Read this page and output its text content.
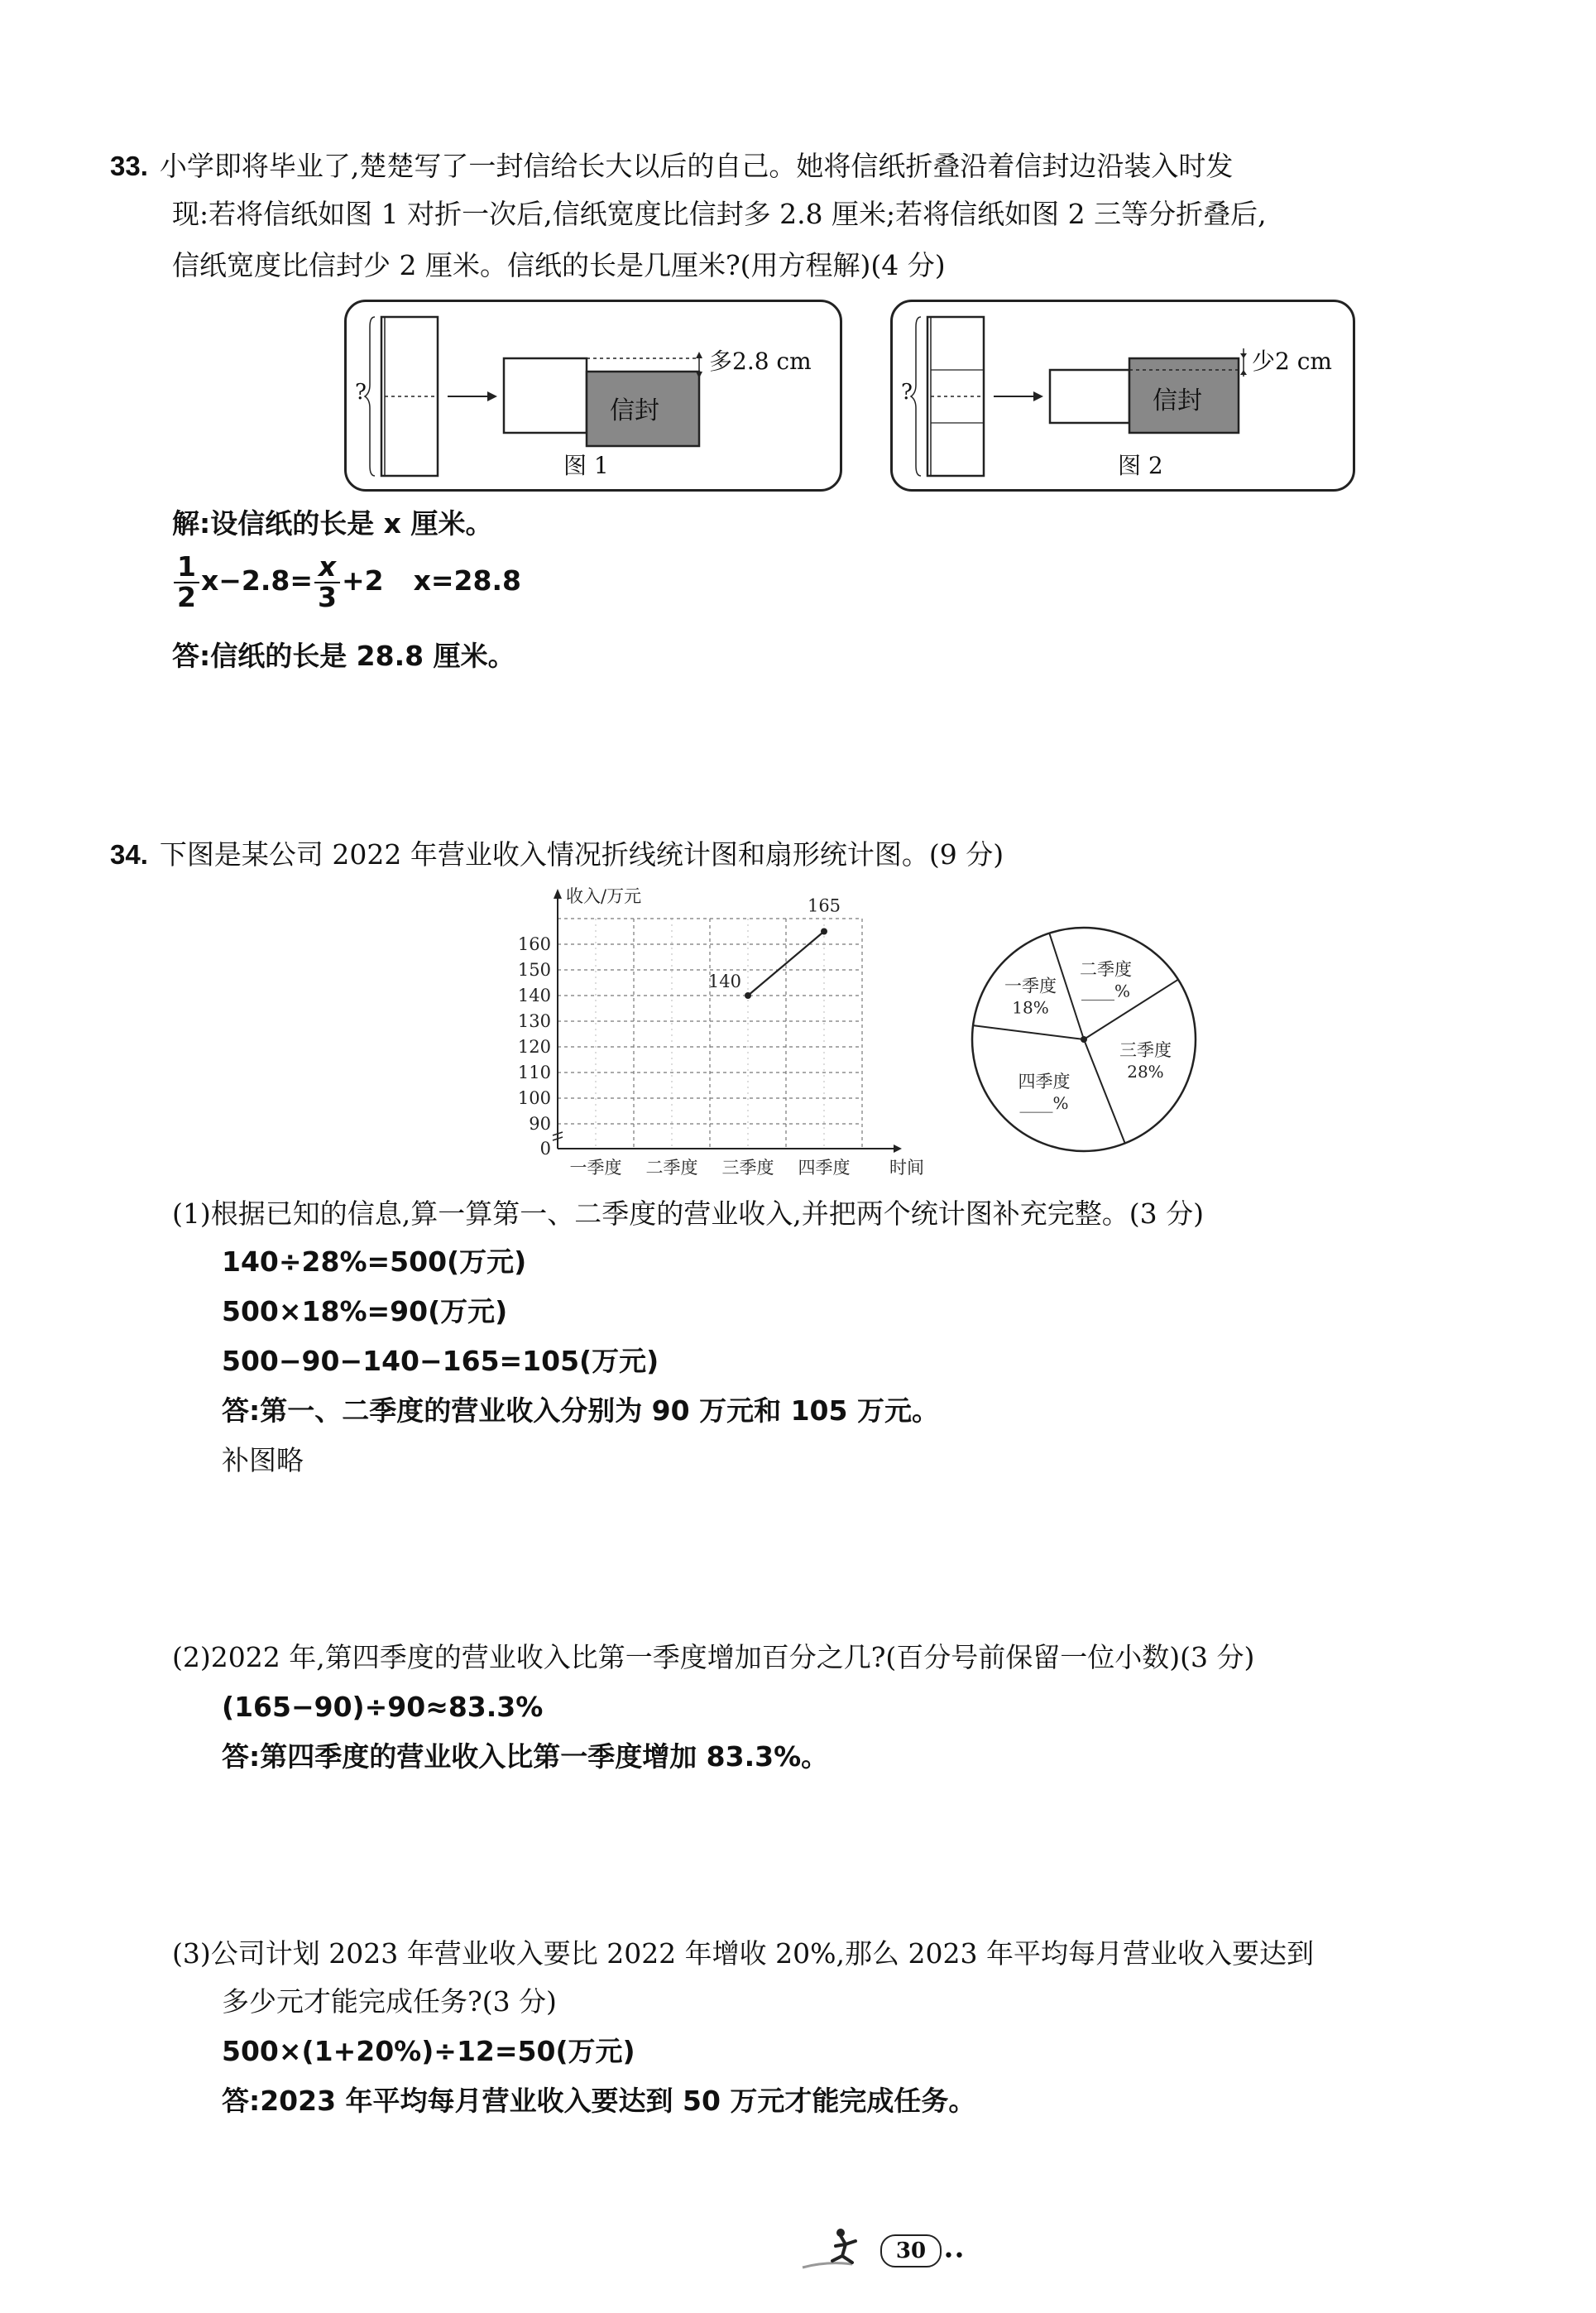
33. 小学即将毕业了,楚楚写了一封信给长大以后的自己。她将信纸折叠沿着信封边沿装入时发
现:若将信纸如图 1 对折一次后,信纸宽度比信封多 2.8 厘米;若将信纸如图 2 三等分折叠后,
信纸宽度比信封少 2 厘米。信纸的长是几厘米?(用方程解)(4 分)
?
信封
多2.8 cm
图 1
?	信封
少2 cm
图 2
解:设信纸的长是 x 厘米。
$\frac{1}{2} x-2.8= \frac{x}{3} +2$ x=28.8
答:信纸的长是 28.8 厘米。
34. 下图是某公司 2022 年营业收入情况折线统计图和扇形统计图。(9 分)
0
90
100
110
120
130
140
150
160
一季度 二季度 三季度 四季度 时间
收入/万元
140
165
二季度
____%
三季度
28%
四季度
____%
一季度
18%
(1)根据已知的信息,算一算第一、二季度的营业收入,并把两个统计图补充完整。(3 分)
140÷28%=500(万元)
500×18%=90(万元)
500−90−140−165=105(万元)
答:第一、二季度的营业收入分别为 90 万元和 105 万元。
补图略
(2)2022 年,第四季度的营业收入比第一季度增加百分之几?(百分号前保留一位小数)(3 分)
(165−90)÷90≈83.3%
答:第四季度的营业收入比第一季度增加 83.3%。
(3)公司计划 2023 年营业收入要比 2022 年增收 20%,那么 2023 年平均每月营业收入要达到
多少元才能完成任务?(3 分)
500×(1+20%)÷12=50(万元)
答:2023 年平均每月营业收入要达到 50 万元才能完成任务。
30 ••
